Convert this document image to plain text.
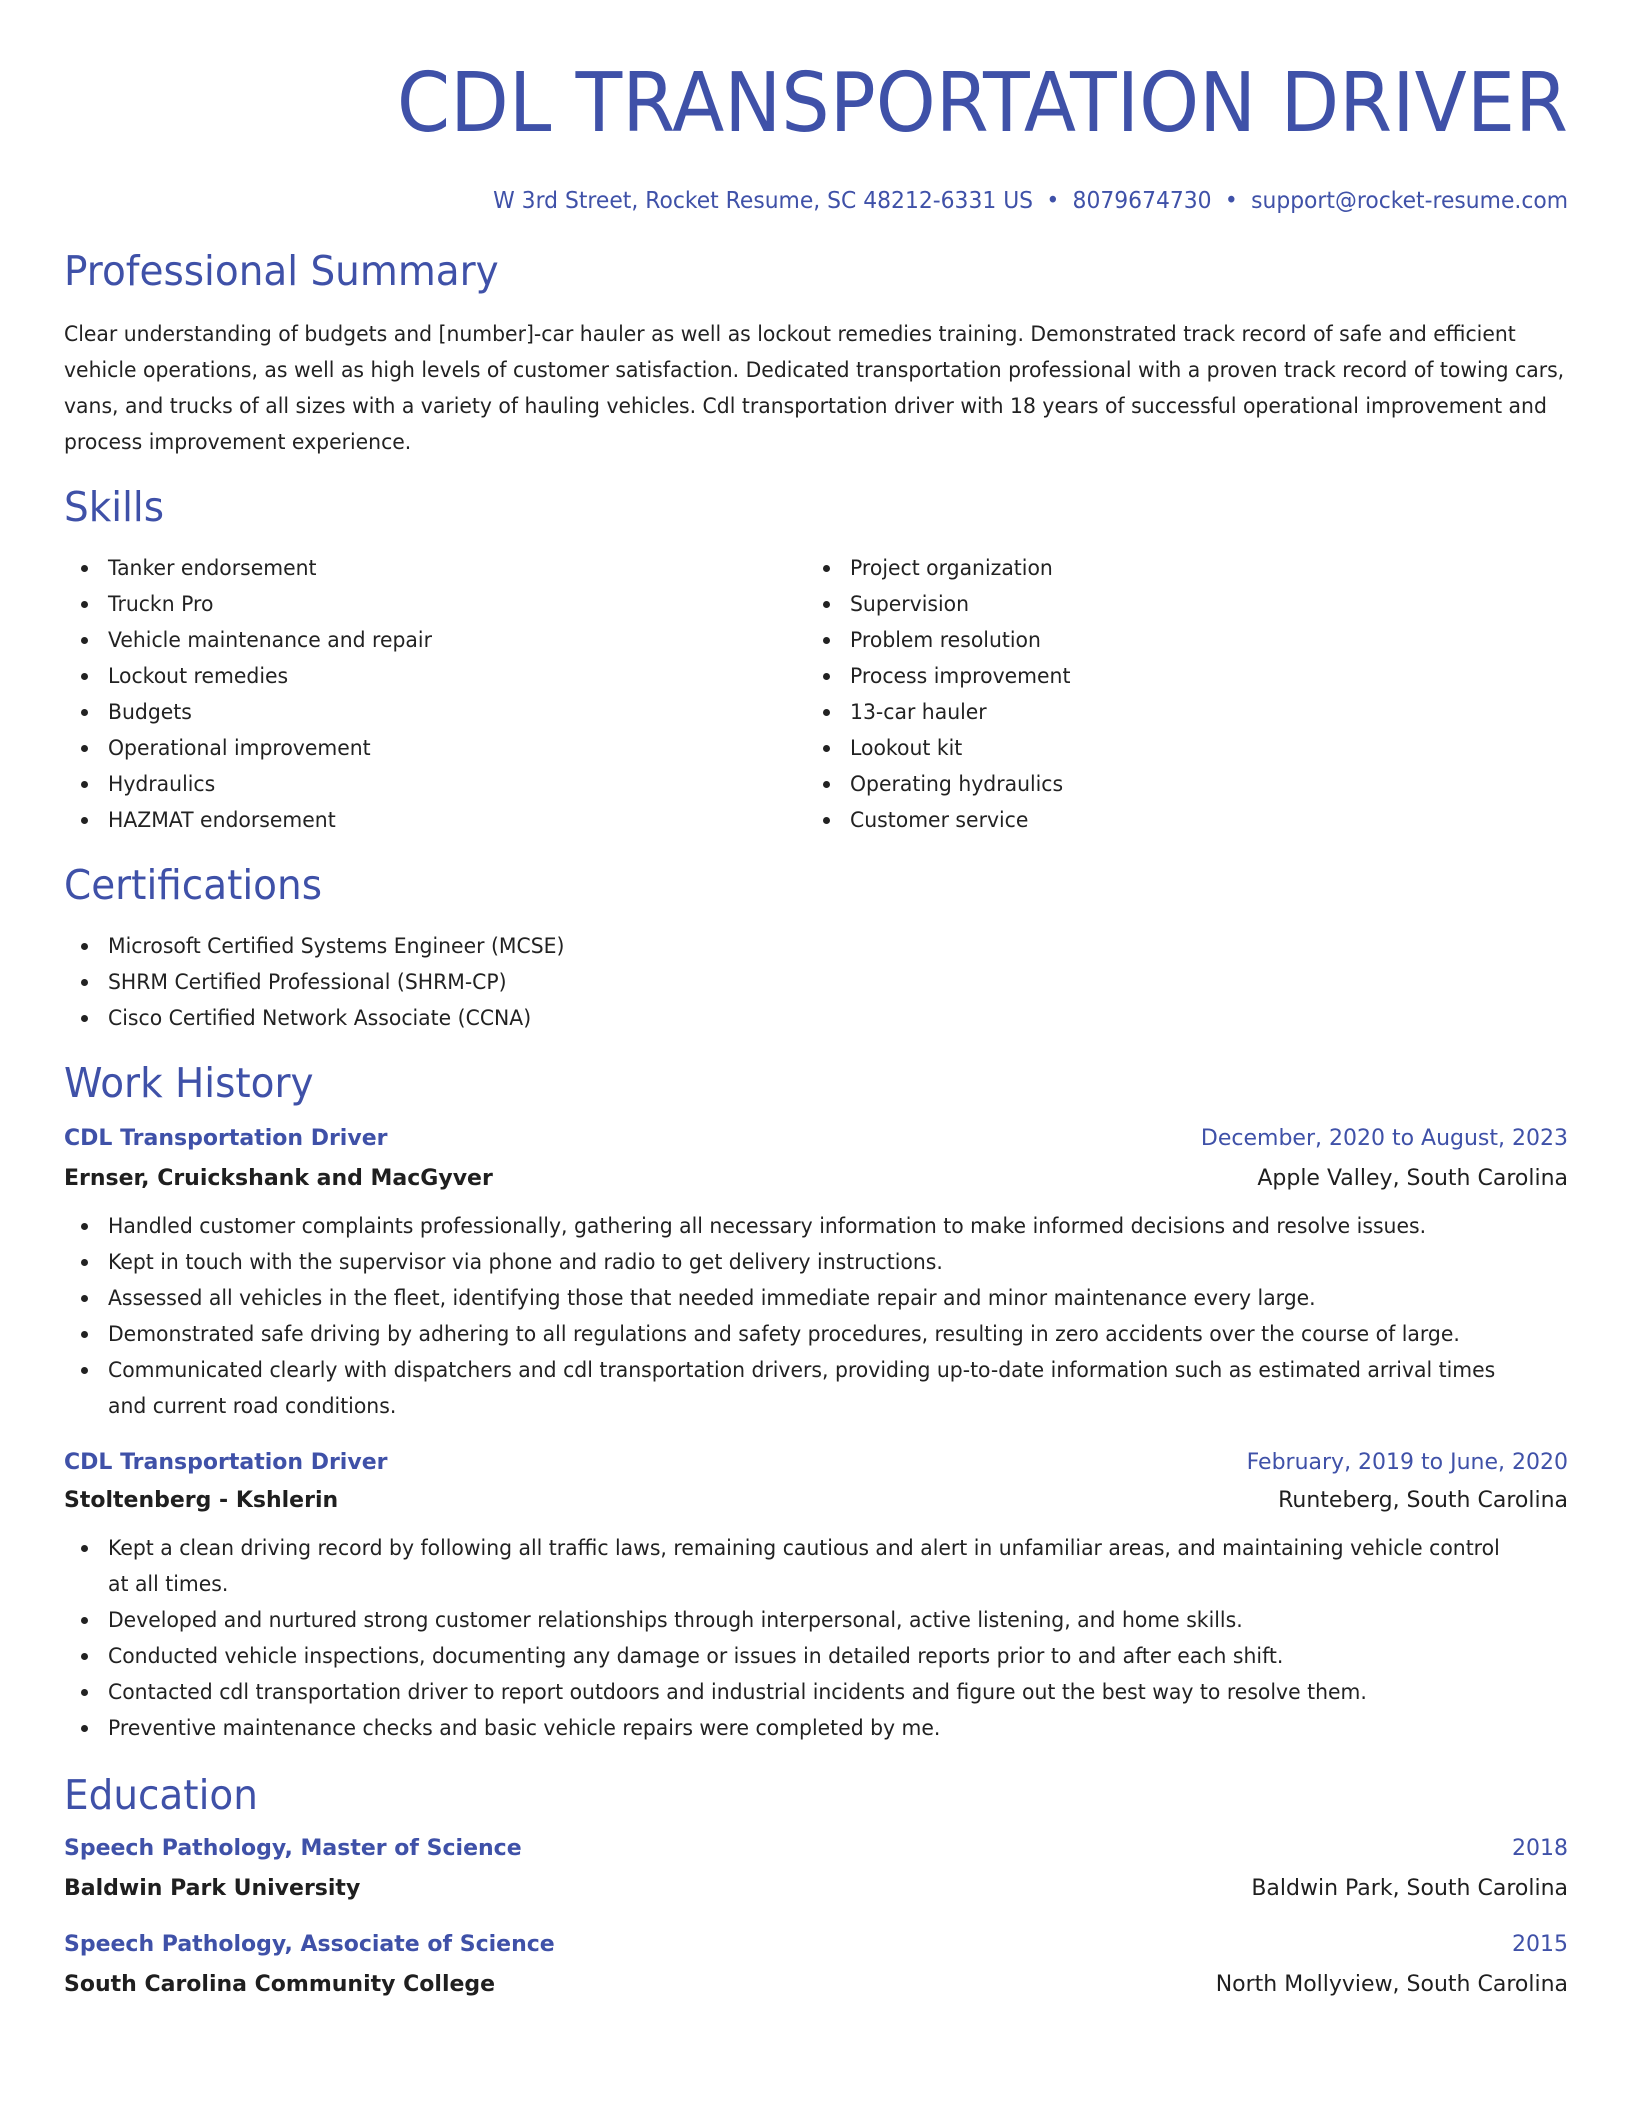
CDL TRANSPORTATION DRIVER
W 3rd Street, Rocket Resume, SC 48212-6331 US • 8079674730 • support@rocket-resume.com
Professional Summary
Clear understanding of budgets and [number]-car hauler as well as lockout remedies training. Demonstrated track record of safe and efficient vehicle operations, as well as high levels of customer satisfaction. Dedicated transportation professional with a proven track record of towing cars, vans, and trucks of all sizes with a variety of hauling vehicles. Cdl transportation driver with 18 years of successful operational improvement and process improvement experience.
Skills
Tanker endorsement
Truckn Pro
Vehicle maintenance and repair
Lockout remedies
Budgets
Operational improvement
Hydraulics
HAZMAT endorsement
Project organization
Supervision
Problem resolution
Process improvement
13-car hauler
Lookout kit
Operating hydraulics
Customer service
Certifications
Microsoft Certified Systems Engineer (MCSE)
SHRM Certified Professional (SHRM-CP)
Cisco Certified Network Associate (CCNA)
Work History
CDL Transportation Driver	December, 2020 to August, 2023
Ernser, Cruickshank and MacGyver	Apple Valley, South Carolina
Handled customer complaints professionally, gathering all necessary information to make informed decisions and resolve issues.
Kept in touch with the supervisor via phone and radio to get delivery instructions.
Assessed all vehicles in the fleet, identifying those that needed immediate repair and minor maintenance every large.
Demonstrated safe driving by adhering to all regulations and safety procedures, resulting in zero accidents over the course of large.
Communicated clearly with dispatchers and cdl transportation drivers, providing up-to-date information such as estimated arrival times and current road conditions.
CDL Transportation Driver	February, 2019 to June, 2020
Stoltenberg - Kshlerin	Runteberg, South Carolina
Kept a clean driving record by following all traffic laws, remaining cautious and alert in unfamiliar areas, and maintaining vehicle control at all times.
Developed and nurtured strong customer relationships through interpersonal, active listening, and home skills.
Conducted vehicle inspections, documenting any damage or issues in detailed reports prior to and after each shift.
Contacted cdl transportation driver to report outdoors and industrial incidents and figure out the best way to resolve them.
Preventive maintenance checks and basic vehicle repairs were completed by me.
Education
Speech Pathology, Master of Science	2018
Baldwin Park University	Baldwin Park, South Carolina
Speech Pathology, Associate of Science	2015
South Carolina Community College	North Mollyview, South Carolina
